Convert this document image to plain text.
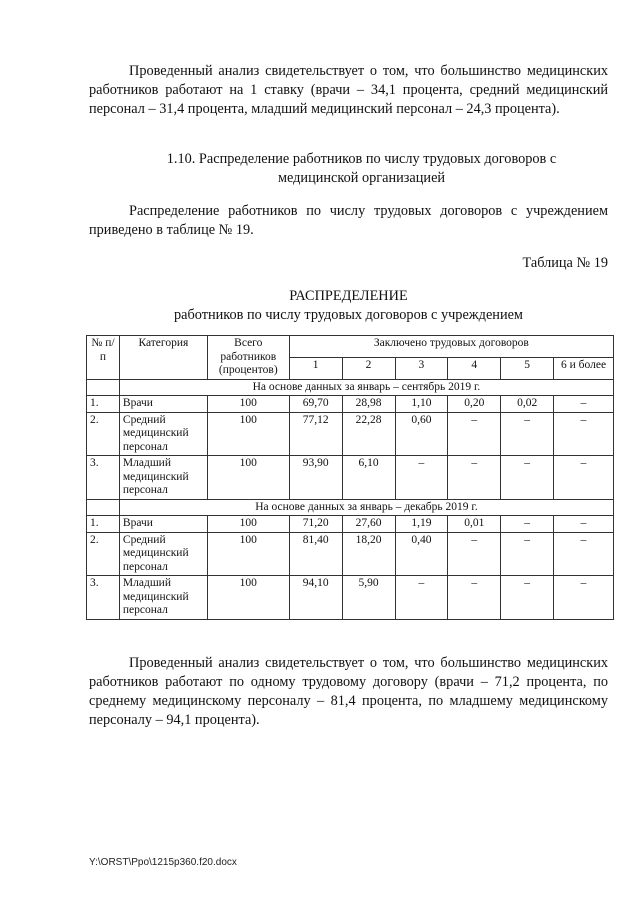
Проведенный анализ свидетельствует о том, что большинство медицинских работников работают на 1 ставку (врачи – 34,1 процента, средний медицинский персонал – 31,4 процента, младший медицинский персонал – 24,3 процента).

1.10. Распределение работников по числу трудовых договоров с
медицинской организацией

Распределение работников по числу трудовых договоров с учреждением приведено в таблице № 19.

Таблица № 19
РАСПРЕДЕЛЕНИЕ
работников по числу трудовых договоров с учреждением
№ п/п	Категория	Всего работников (процентов)	Заключено трудовых договоров					
			1	2	3	4	5	6 и более
	На основе данных за январь – сентябрь 2019 г.							
1.	Врачи	100	69,70	28,98	1,10	0,20	0,02	–
2.	Средний медицинский персонал	100	77,12	22,28	0,60	–	–	–
3.	Младший медицинский персонал	100	93,90	6,10	–	–	–	–
	На основе данных за январь – декабрь 2019 г.							
1.	Врачи	100	71,20	27,60	1,19	0,01	–	–
2.	Средний медицинский персонал	100	81,40	18,20	0,40	–	–	–
3.	Младший медицинский персонал	100	94,10	5,90	–	–	–	–

Проведенный анализ свидетельствует о том, что большинство медицинских работников работают по одному трудовому договору (врачи – 71,2 процента, по среднему медицинскому персоналу – 81,4 процента, по младшему медицинскому персоналу – 94,1 процента).

Y:\ORST\Ppo\1215p360.f20.docx
